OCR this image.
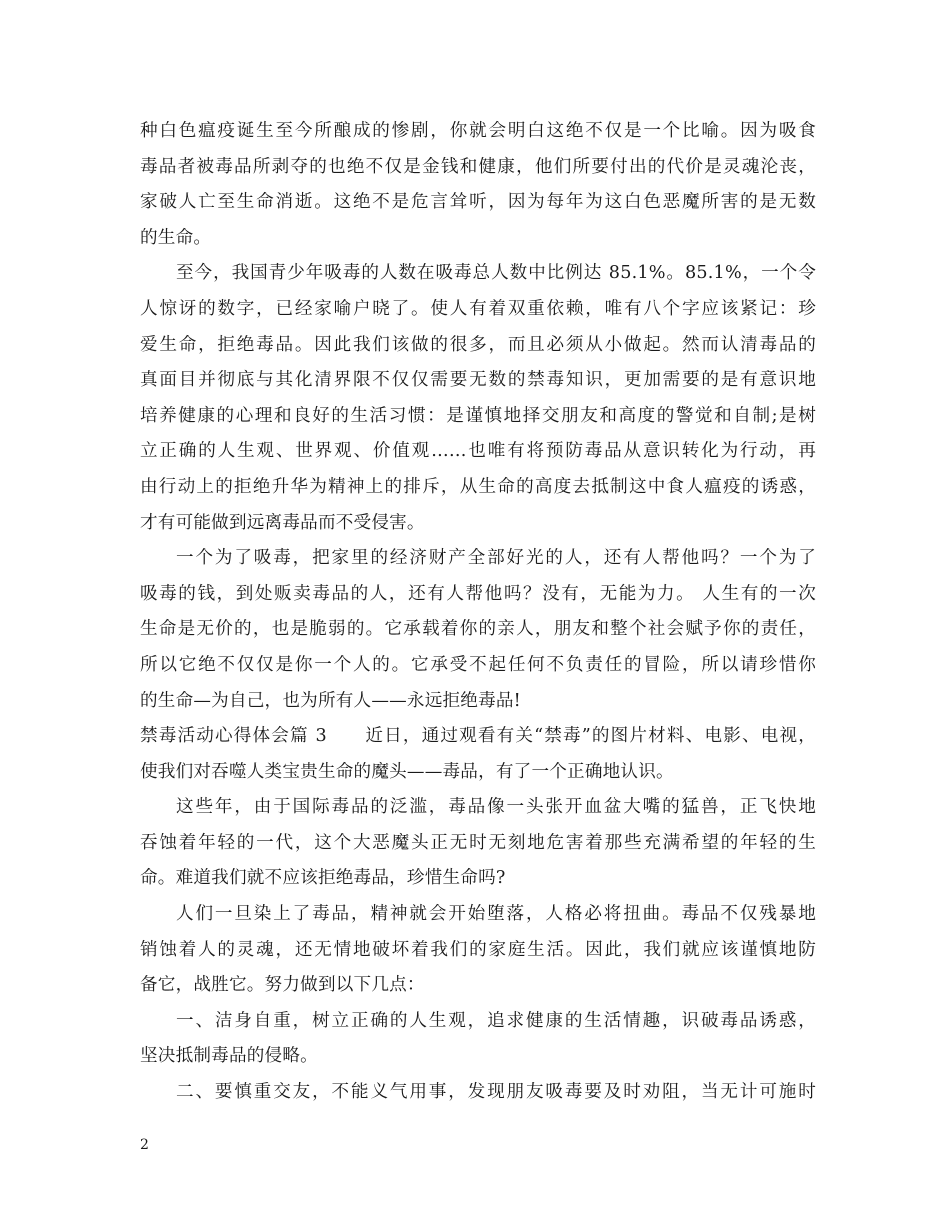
种白色瘟疫诞生至今所酿成的惨剧，你就会明白这绝不仅是一个比喻。因为吸食
毒品者被毒品所剥夺的也绝不仅是金钱和健康，他们所要付出的代价是灵魂沦丧，
家破人亡至生命消逝。这绝不是危言耸听，因为每年为这白色恶魔所害的是无数
的生命。
至今，我国青少年吸毒的人数在吸毒总人数中比例达 85.1%。85.1%，一个令
人惊讶的数字，已经家喻户晓了。使人有着双重依赖，唯有八个字应该紧记：珍
爱生命，拒绝毒品。因此我们该做的很多，而且必须从小做起。然而认清毒品的
真面目并彻底与其化清界限不仅仅需要无数的禁毒知识，更加需要的是有意识地
培养健康的心理和良好的生活习惯：是谨慎地择交朋友和高度的警觉和自制;是树
立正确的人生观、世界观、价值观……也唯有将预防毒品从意识转化为行动，再
由行动上的拒绝升华为精神上的排斥，从生命的高度去抵制这中食人瘟疫的诱惑，
才有可能做到远离毒品而不受侵害。
一个为了吸毒，把家里的经济财产全部好光的人，还有人帮他吗？一个为了
吸毒的钱，到处贩卖毒品的人，还有人帮他吗？没有，无能为力。 人生有的一次
生命是无价的，也是脆弱的。它承载着你的亲人，朋友和整个社会赋予你的责任，
所以它绝不仅仅是你一个人的。它承受不起任何不负责任的冒险，所以请珍惜你
的生命—为自己，也为所有人——永远拒绝毒品!
禁毒活动心得体会篇 3　　近日，通过观看有关“禁毒”的图片材料、电影、电视，
使我们对吞噬人类宝贵生命的魔头——毒品，有了一个正确地认识。
这些年，由于国际毒品的泛滥，毒品像一头张开血盆大嘴的猛兽，正飞快地
吞蚀着年轻的一代，这个大恶魔头正无时无刻地危害着那些充满希望的年轻的生
命。难道我们就不应该拒绝毒品，珍惜生命吗?
人们一旦染上了毒品，精神就会开始堕落，人格必将扭曲。毒品不仅残暴地
销蚀着人的灵魂，还无情地破坏着我们的家庭生活。因此，我们就应该谨慎地防
备它，战胜它。努力做到以下几点：
一、洁身自重，树立正确的人生观，追求健康的生活情趣，识破毒品诱惑，
坚决抵制毒品的侵略。
二、要慎重交友，不能义气用事，发现朋友吸毒要及时劝阻，当无计可施时
2
